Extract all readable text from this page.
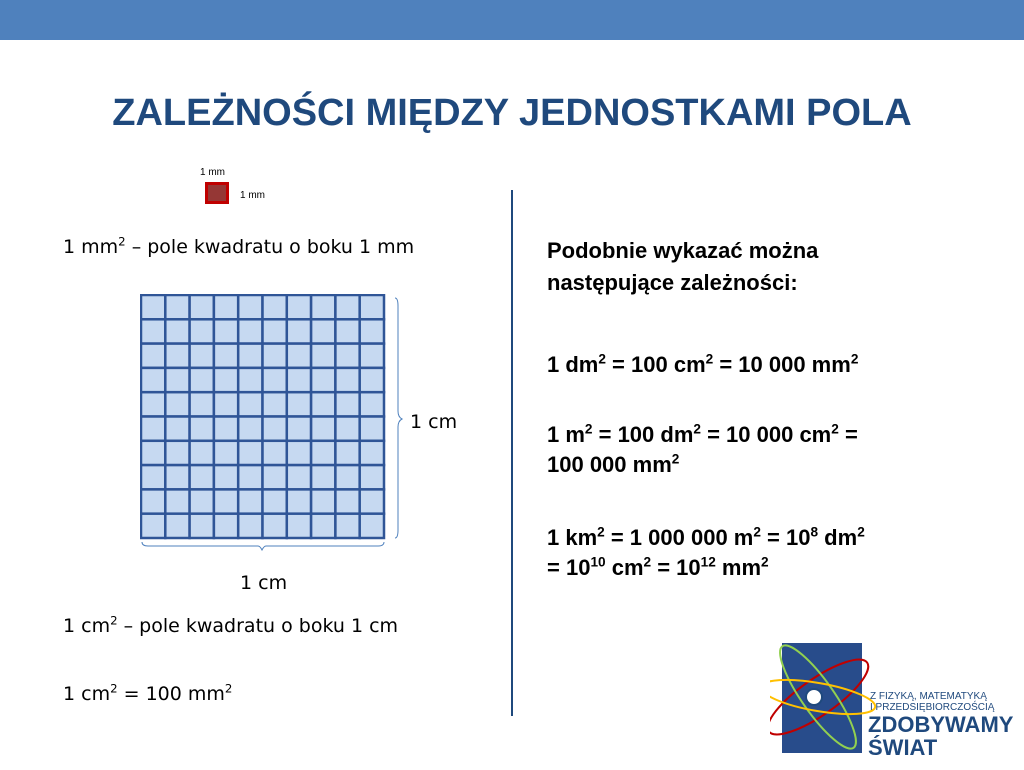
ZALEŻNOŚCI MIĘDZY JEDNOSTKAMI POLA
1 mm
1 mm
1 $mm^2$ – pole kwadratu o boku 1 mm
1 cm
1 cm
1 $cm^2$ – pole kwadratu o boku 1 cm
1 $cm^2 = 100$ $mm^2$
Podobnie wykazać można
następujące zależności:
1 $dm^2 = 100$ $cm^2 = 10$ 000 $mm^2$
1 $m^2 = 100$ $dm^2 = 10$ 000 $cm^2$ =
100 000 $mm^2$
1 $km^2 = 1$ 000 000 $m^2 = 10^8$ $dm^2$
= $10^{10}$ $cm^2 = 10^{12}$ $mm^2$
Z FIZYKĄ, MATEMATYKĄ
I PRZEDSIĘBIORCZOŚCIĄ
ZDOBYWAMY
ŚWIAT
